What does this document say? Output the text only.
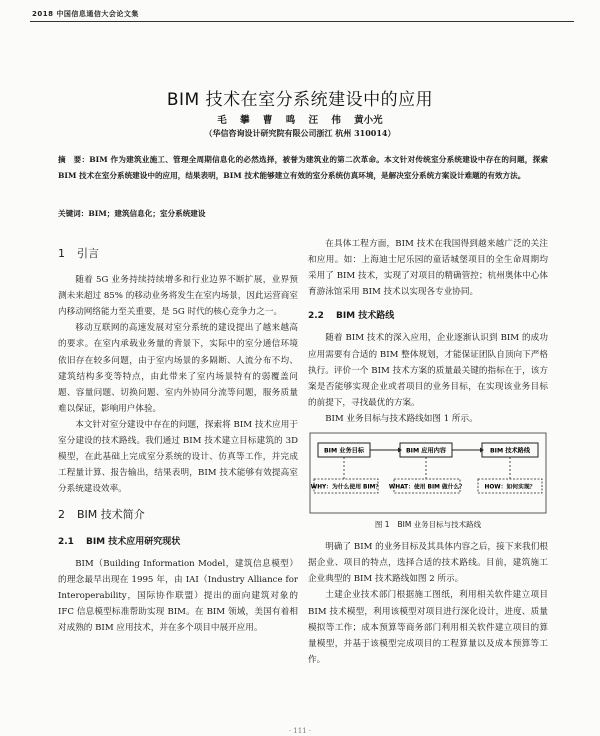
2018 中国信息通信大会论文集
BIM 技术在室分系统建设中的应用
毛 攀 曹 鸣 汪 伟 黄小光
（华信咨询设计研究院有限公司浙江 杭州 310014）
摘　要：BIM 作为建筑业施工、管理全周期信息化的必然选择，被誉为建筑业的第二次革命。本文针对传统室分系统建设中存在的问题，探索 BIM 技术在室分系统建设中的应用，结果表明，BIM 技术能够建立有效的室分系统仿真环境，是解决室分系统方案设计难题的有效方法。
关键词：BIM；建筑信息化；室分系统建设
1 引言

随着 5G 业务持续持续增多和行业边界不断扩展，业界预测未来超过 85% 的移动业务将发生在室内场景，因此运营商室内移动网络能力至关重要，是 5G 时代的核心竞争力之一。

移动互联网的高速发展对室分系统的建设提出了越来越高的要求。在室内承载业务量的背景下，实际中的室分通信环境依旧存在较多问题，由于室内场景的多隔断、人流分布不均、建筑结构多变等特点，由此带来了室内场景特有的弱覆盖问题、容量问题、切换问题、室内外协同分流等问题，服务质量难以保证，影响用户体验。

本文针对室分建设中存在的问题，探索将 BIM 技术应用于室分建设的技术路线。我们通过 BIM 技术建立目标建筑的 3D 模型，在此基础上完成室分系统的设计、仿真等工作，并完成工程量计算、报告输出，结果表明，BIM 技术能够有效提高室分系统建设效率。

2 BIM 技术简介
2.1 BIM 技术应用研究现状

BIM（Building Information Model，建筑信息模型）的理念最早出现在 1995 年，由 IAI（Industry Alliance for Interoperability，国际协作联盟）提出的面向建筑对象的 IFC 信息模型标准帮助实现 BIM。在 BIM 领域，美国有着相对成熟的 BIM 应用技术，并在多个项目中展开应用。

在具体工程方面，BIM 技术在我国得到越来越广泛的关注和应用。如：上海迪士尼乐园的童话城堡项目的全生命周期均采用了 BIM 技术，实现了对项目的精确管控；杭州奥体中心体育游泳馆采用 BIM 技术以实现各专业协同。

2.2 BIM 技术路线

随着 BIM 技术的深入应用，企业逐渐认识到 BIM 的成功应用需要有合适的 BIM 整体规划，才能保证团队自顶向下严格执行。评价一个 BIM 技术方案的质量最关键的指标在于，该方案是否能够实现企业或者项目的业务目标，在实现该业务目标的前提下，寻找最优的方案。

BIM 业务目标与技术路线如图 1 所示。

BIM 业务目标	BIM 应用内容	BIM 技术路线
WHY：为什么使用 BIM？ WHAT：使用 BIM 做什么？	HOW：如何实现？
图 1 BIM 业务目标与技术路线

明确了 BIM 的业务目标及其具体内容之后，接下来我们根据企业、项目的特点，选择合适的技术路线。目前，建筑施工企业典型的 BIM 技术路线如图 2 所示。

土建企业技术部门根据施工图纸，利用相关软件建立项目 BIM 技术模型，利用该模型对项目进行深化设计，进度、质量模拟等工作；成本预算等商务部门利用相关软件建立项目的算量模型，并基于该模型完成项目的工程算量以及成本预算等工作。

· 111 ·
